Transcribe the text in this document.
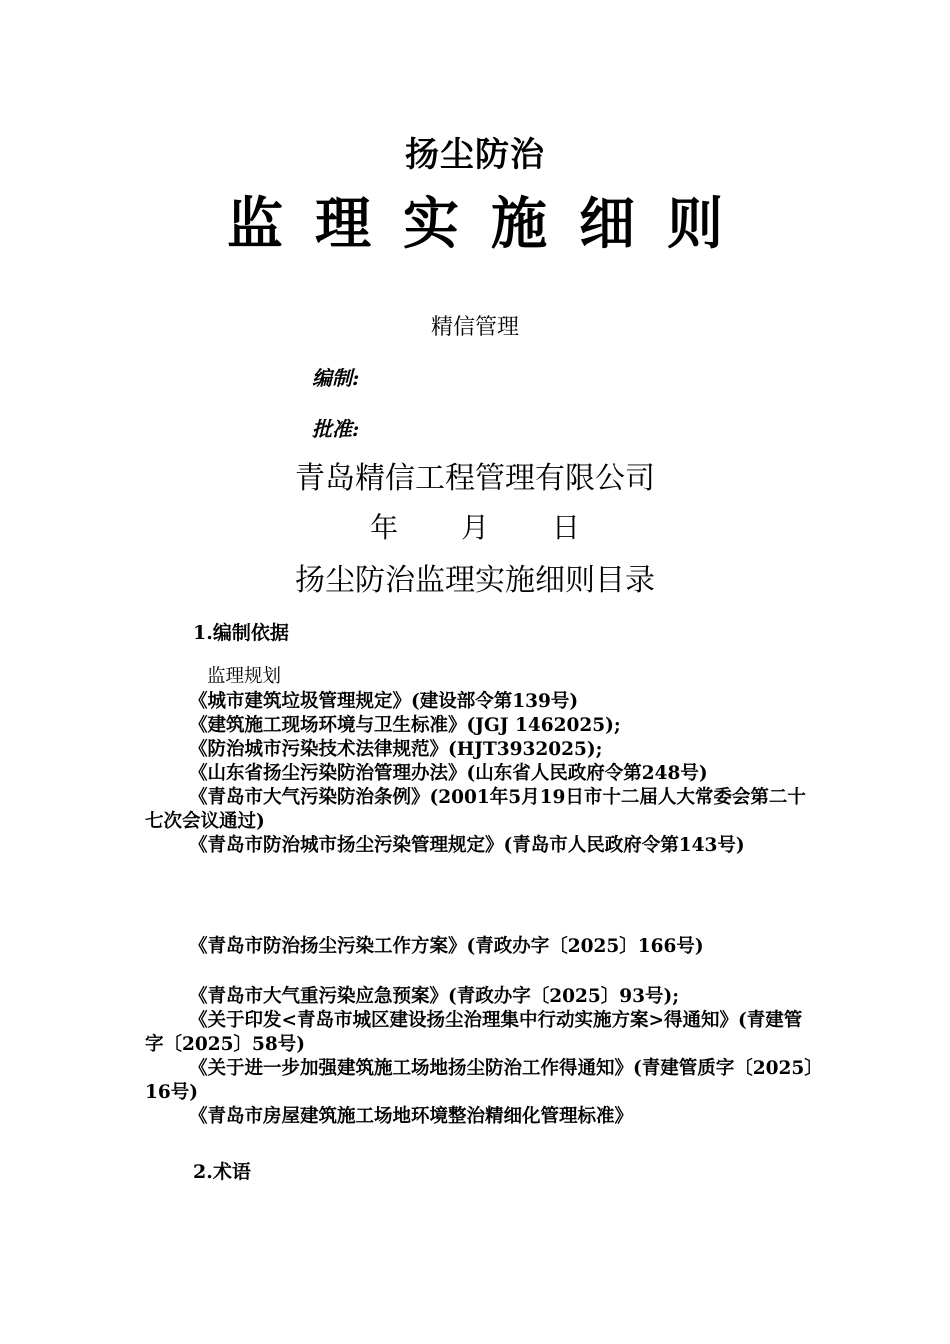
扬尘防治
监理实施细则
精信管理
编制:
批准:
青岛精信工程管理有限公司
年 月 日
扬尘防治监理实施细则目录
1.编制依据
监理规划

《城市建筑垃圾管理规定》(建设部令第139号)

《建筑施工现场环境与卫生标准》(JGJ 1462025);

《防治城市污染技术法律规范》(HJT3932025);

《山东省扬尘污染防治管理办法》(山东省人民政府令第248号)

《青岛市大气污染防治条例》(2001年5月19日市十二届人大常委会第二十七次会议通过)

《青岛市防治城市扬尘污染管理规定》(青岛市人民政府令第143号)

《青岛市防治扬尘污染工作方案》(青政办字〔2025〕166号)

《青岛市大气重污染应急预案》(青政办字〔2025〕93号);

《关于印发<青岛市城区建设扬尘治理集中行动实施方案>得通知》(青建管字〔2025〕58号)

《关于进一步加强建筑施工场地扬尘防治工作得通知》(青建管质字〔2025〕16号)

《青岛市房屋建筑施工场地环境整治精细化管理标准》

2.术语
